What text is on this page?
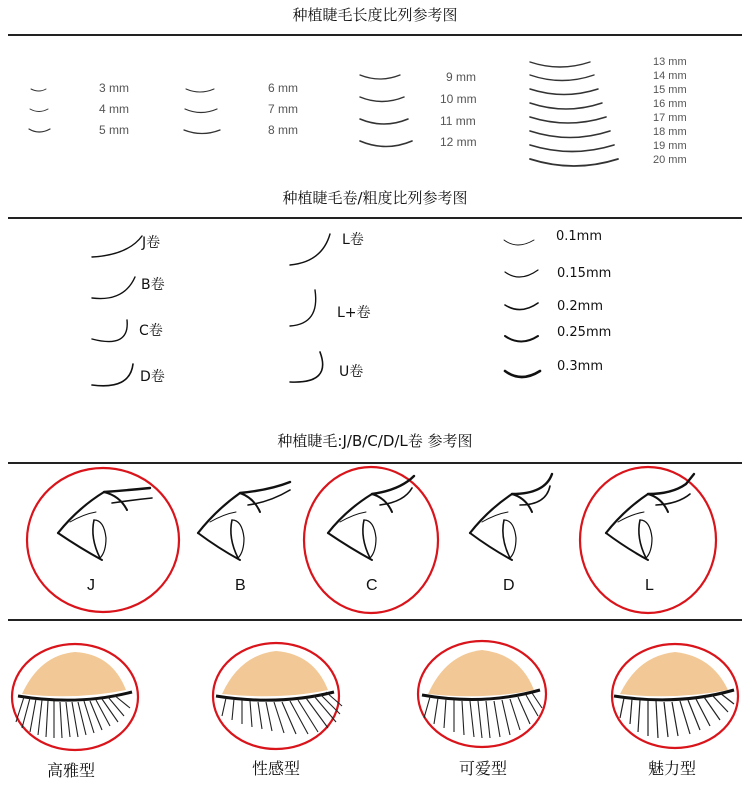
种植睫毛长度比列参考图
3 mm
4 mm
5 mm
6 mm
7 mm
8 mm
9 mm
10 mm
11 mm
12 mm
13 mm
14 mm
15 mm
16 mm
17 mm
18 mm
19 mm
20 mm
种植睫毛卷/粗度比列参考图
J卷
B卷
C卷
D卷
L卷
L+卷
U卷
0.1mm
0.15mm
0.2mm
0.25mm
0.3mm
种植睫毛:J/B/C/D/L卷 参考图
J	B	C	D	L
高雅型	性感型	可爱型	魅力型
